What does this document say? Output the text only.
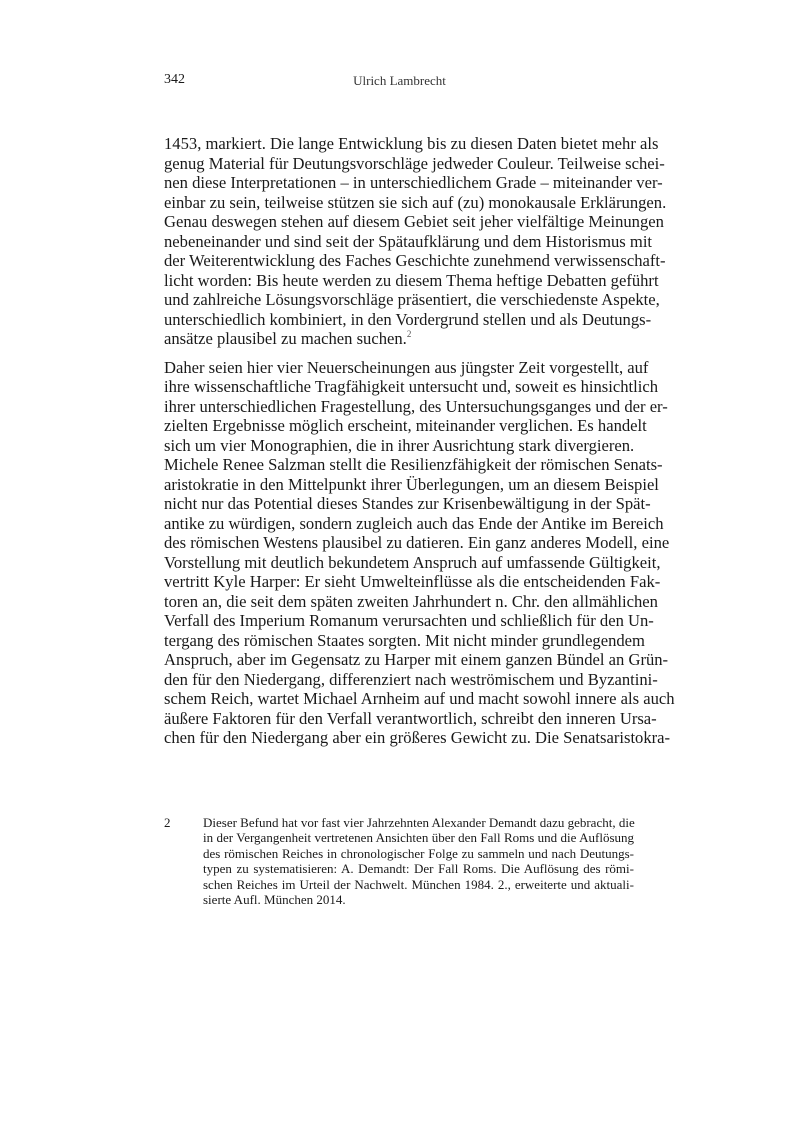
342	Ulrich Lambrecht

1453, markiert. Die lange Entwicklung bis zu diesen Daten bietet mehr als
genug Material für Deutungsvorschläge jedweder Couleur. Teilweise schei-
nen diese Interpretationen – in unterschiedlichem Grade – miteinander ver-
einbar zu sein, teilweise stützen sie sich auf (zu) monokausale Erklärungen.
Genau deswegen stehen auf diesem Gebiet seit jeher vielfältige Meinungen
nebeneinander und sind seit der Spätaufklärung und dem Historismus mit
der Weiterentwicklung des Faches Geschichte zunehmend verwissenschaft-
licht worden: Bis heute werden zu diesem Thema heftige Debatten geführt
und zahlreiche Lösungsvorschläge präsentiert, die verschiedenste Aspekte,
unterschiedlich kombiniert, in den Vordergrund stellen und als Deutungs-
ansätze plausibel zu machen suchen.$^2$

Daher seien hier vier Neuerscheinungen aus jüngster Zeit vorgestellt, auf
ihre wissenschaftliche Tragfähigkeit untersucht und, soweit es hinsichtlich
ihrer unterschiedlichen Fragestellung, des Untersuchungsganges und der er-
zielten Ergebnisse möglich erscheint, miteinander verglichen. Es handelt
sich um vier Monographien, die in ihrer Ausrichtung stark divergieren.
Michele Renee Salzman stellt die Resilienzfähigkeit der römischen Senats-
aristokratie in den Mittelpunkt ihrer Überlegungen, um an diesem Beispiel
nicht nur das Potential dieses Standes zur Krisenbewältigung in der Spät-
antike zu würdigen, sondern zugleich auch das Ende der Antike im Bereich
des römischen Westens plausibel zu datieren. Ein ganz anderes Modell, eine
Vorstellung mit deutlich bekundetem Anspruch auf umfassende Gültigkeit,
vertritt Kyle Harper: Er sieht Umwelteinflüsse als die entscheidenden Fak-
toren an, die seit dem späten zweiten Jahrhundert n. Chr. den allmählichen
Verfall des Imperium Romanum verursachten und schließlich für den Un-
tergang des römischen Staates sorgten. Mit nicht minder grundlegendem
Anspruch, aber im Gegensatz zu Harper mit einem ganzen Bündel an Grün-
den für den Niedergang, differenziert nach weströmischem und Byzantini-
schem Reich, wartet Michael Arnheim auf und macht sowohl innere als auch
äußere Faktoren für den Verfall verantwortlich, schreibt den inneren Ursa-
chen für den Niedergang aber ein größeres Gewicht zu. Die Senatsaristokra-

2	Dieser Befund hat vor fast vier Jahrzehnten Alexander Demandt dazu gebracht, die
in der Vergangenheit vertretenen Ansichten über den Fall Roms und die Auflösung
des römischen Reiches in chronologischer Folge zu sammeln und nach Deutungs-
typen zu systematisieren: A. Demandt: Der Fall Roms. Die Auflösung des römi-
schen Reiches im Urteil der Nachwelt. München 1984. 2., erweiterte und aktuali-
sierte Aufl. München 2014.
